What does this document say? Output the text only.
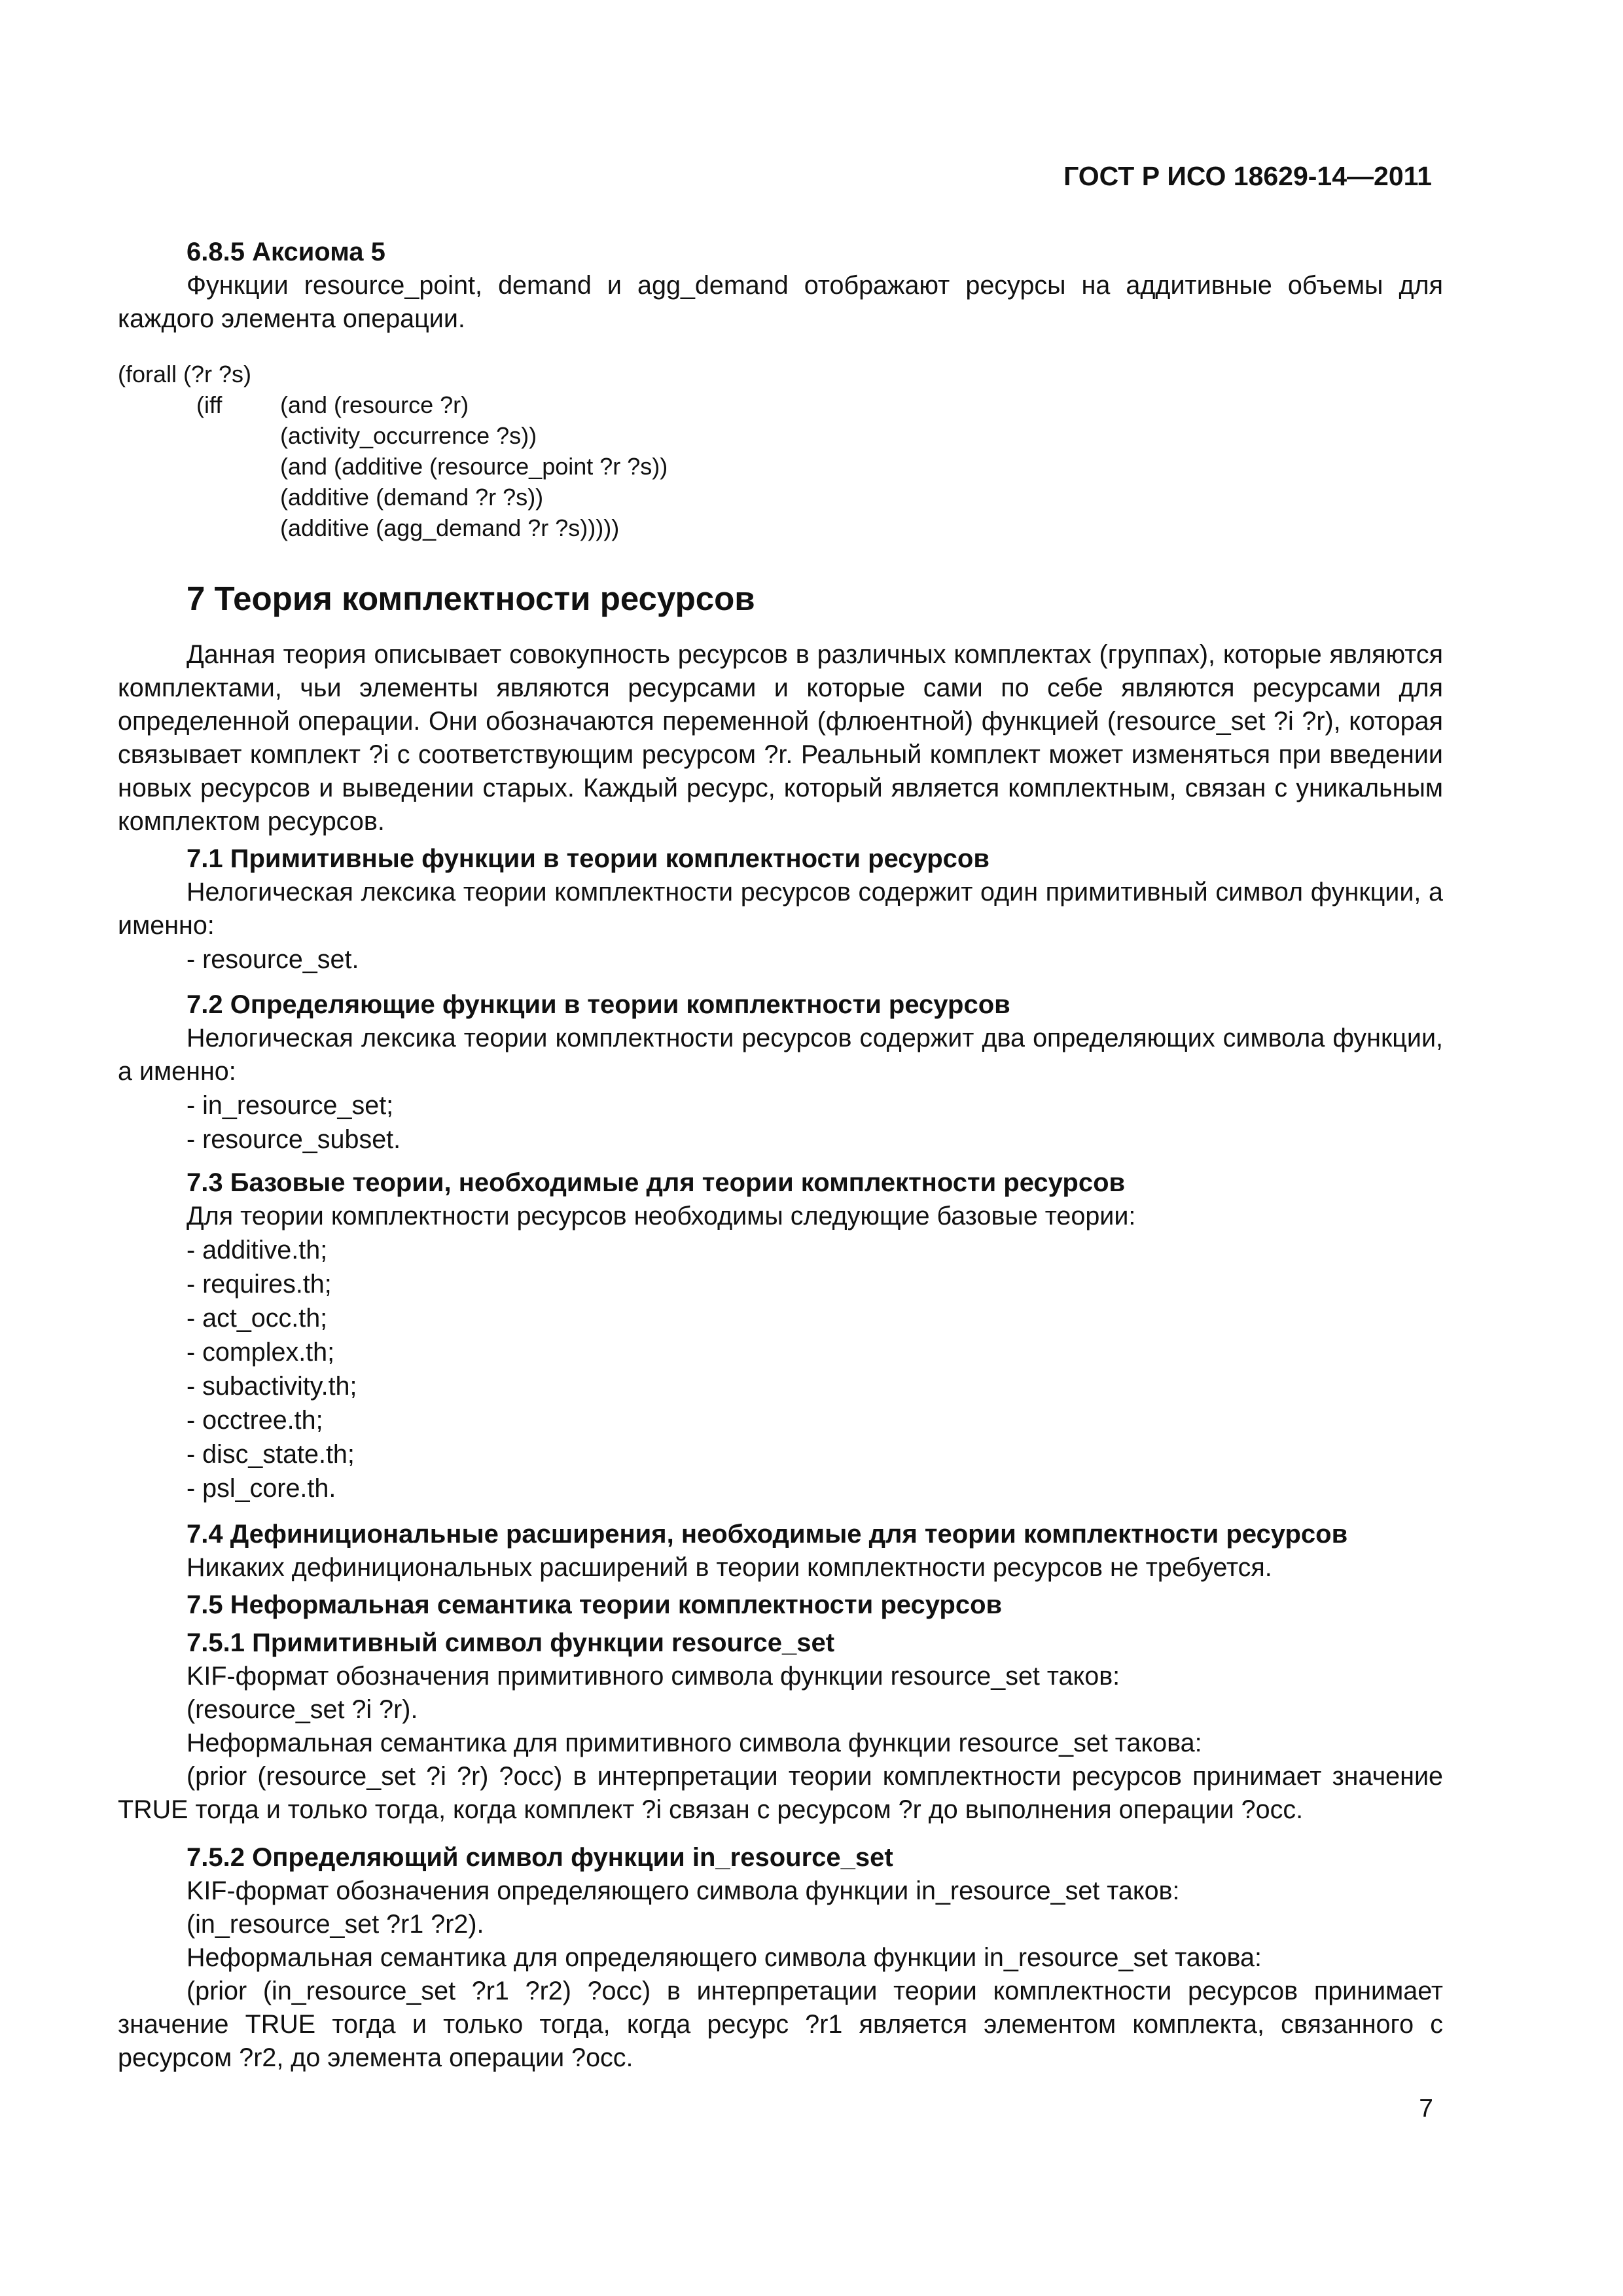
ГОСТ Р ИСО 18629-14—2011

6.8.5 Аксиома 5

Функции resource_point, demand и agg_demand отображают ресурсы на аддитивные объемы для каждого элемента операции.

(forall (?r ?s)
(iff (and (resource ?r)
(activity_occurrence ?s))
(and (additive (resource_point ?r ?s))
(additive (demand ?r ?s))
(additive (agg_demand ?r ?s)))))

7 Теория комплектности ресурсов

Данная теория описывает совокупность ресурсов в различных комплектах (группах), которые являются комплектами, чьи элементы являются ресурсами и которые сами по себе являются ресурсами для определенной операции. Они обозначаются переменной (флюентной) функцией (resource_set ?i ?r), которая связывает комплект ?i с соответствующим ресурсом ?r. Реальный комплект может изменяться при введении новых ресурсов и выведении старых. Каждый ресурс, который является комплектным, связан с уникальным комплектом ресурсов.

7.1 Примитивные функции в теории комплектности ресурсов

Нелогическая лексика теории комплектности ресурсов содержит один примитивный символ функции, а именно:

- resource_set.

7.2 Определяющие функции в теории комплектности ресурсов

Нелогическая лексика теории комплектности ресурсов содержит два определяющих символа функции, а именно:

- in_resource_set;

- resource_subset.

7.3 Базовые теории, необходимые для теории комплектности ресурсов

Для теории комплектности ресурсов необходимы следующие базовые теории:

- additive.th;

- requires.th;

- act_occ.th;

- complex.th;

- subactivity.th;

- occtree.th;

- disc_state.th;

- psl_core.th.

7.4 Дефинициональные расширения, необходимые для теории комплектности ресурсов

Никаких дефинициональных расширений в теории комплектности ресурсов не требуется.

7.5 Неформальная семантика теории комплектности ресурсов

7.5.1 Примитивный символ функции resource_set

KIF-формат обозначения примитивного символа функции resource_set таков:

(resource_set ?i ?r).

Неформальная семантика для примитивного символа функции resource_set такова:

(prior (resource_set ?i ?r) ?occ) в интерпретации теории комплектности ресурсов принимает значение TRUE тогда и только тогда, когда комплект ?i связан с ресурсом ?r до выполнения операции ?occ.

7.5.2 Определяющий символ функции in_resource_set

KIF-формат обозначения определяющего символа функции in_resource_set таков:

(in_resource_set ?r1 ?r2).

Неформальная семантика для определяющего символа функции in_resource_set такова:

(prior (in_resource_set ?r1 ?r2) ?occ) в интерпретации теории комплектности ресурсов принимает значение TRUE тогда и только тогда, когда ресурс ?r1 является элементом комплекта, связанного с ресурсом ?r2, до элемента операции ?occ.

7
